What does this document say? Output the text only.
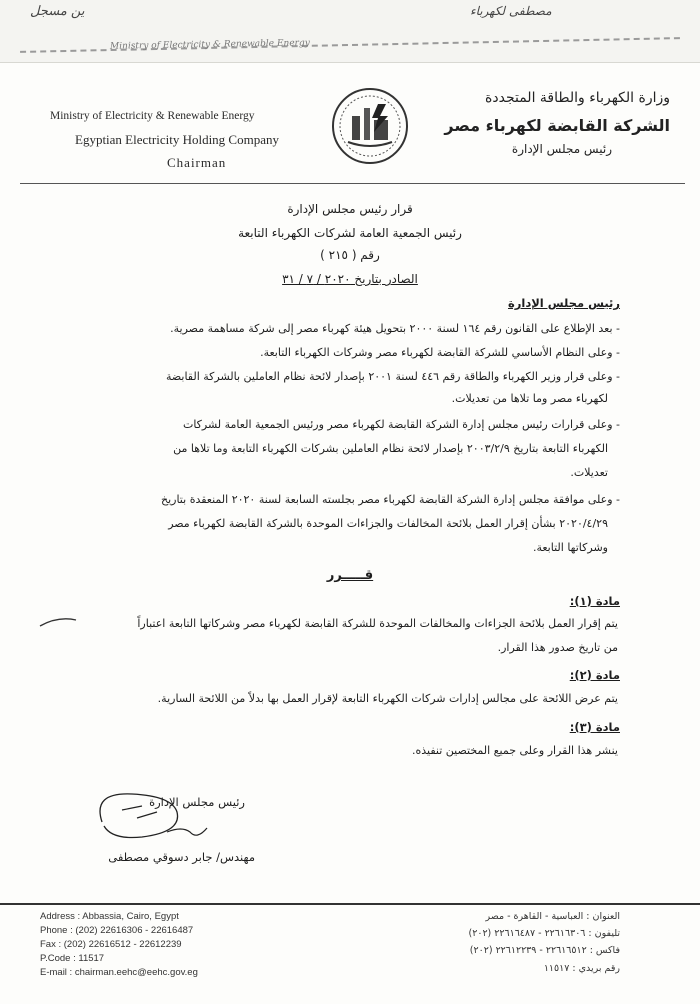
ين مسجل	مصطفى لكهرباء
Ministry of Electricity & Renewable Energy
Ministry of Electricity & Renewable Energy
Egyptian Electricity Holding Company
Chairman
وزارة الكهرباء والطاقة المتجددة
الشركة القابضة لكهرباء مصر
رئيس مجلس الإدارة
قرار رئيس مجلس الإدارة
رئيس الجمعية العامة لشركات الكهرباء التابعة
رقم ( ٢١٥ )
الصادر بتاريخ ٢٠٢٠ / ٧ / ٣١
رئيس مجلس الإدارة
- بعد الإطلاع على القانون رقم ١٦٤ لسنة ٢٠٠٠ بتحويل هيئة كهرباء مصر إلى شركة مساهمة مصرية.
- وعلى النظام الأساسي للشركة القابضة لكهرباء مصر وشركات الكهرباء التابعة.
- وعلى قرار وزير الكهرباء والطاقة رقم ٤٤٦ لسنة ٢٠٠١ بإصدار لائحة نظام العاملين بالشركة القابضة
لكهرباء مصر وما تلاها من تعديلات.
- وعلى قرارات رئيس مجلس إدارة الشركة القابضة لكهرباء مصر ورئيس الجمعية العامة لشركات
الكهرباء التابعة بتاريخ ٢٠٠٣/٢/٩ بإصدار لائحة نظام العاملين بشركات الكهرباء التابعة وما تلاها من
تعديلات.
- وعلى موافقة مجلس إدارة الشركة القابضة لكهرباء مصر بجلسته السابعة لسنة ٢٠٢٠ المنعقدة بتاريخ
٢٠٢٠/٤/٢٩ بشأن إقرار العمل بلائحة المخالفات والجزاءات الموحدة بالشركة القابضة لكهرباء مصر
وشركاتها التابعة.
قـــــرر
مادة (١):
يتم إقرار العمل بلائحة الجزاءات والمخالفات الموحدة للشركة القابضة لكهرباء مصر وشركاتها التابعة اعتباراً
من تاريخ صدور هذا القرار.
مادة (٢):
يتم عرض اللائحة على مجالس إدارات شركات الكهرباء التابعة لإقرار العمل بها بدلاً من اللائحة السارية.
مادة (٣):
ينشر هذا القرار وعلى جميع المختصين تنفيذه.
رئيس مجلس الإدارة
مهندس/ جابر دسوقي مصطفى
Address : Abbassia, Cairo, Egypt
Phone : (202) 22616306 - 22616487
Fax : (202) 22616512 - 22612239
P.Code : 11517
E-mail : chairman.eehc@eehc.gov.eg
العنوان : العباسية - القاهرة - مصر
تليفون : ٢٢٦١٦٣٠٦ - ٢٢٦١٦٤٨٧ (٢٠٢)
فاكس : ٢٢٦١٦٥١٢ - ٢٢٦١٢٢٣٩ (٢٠٢)
رقم بريدي : ١١٥١٧
